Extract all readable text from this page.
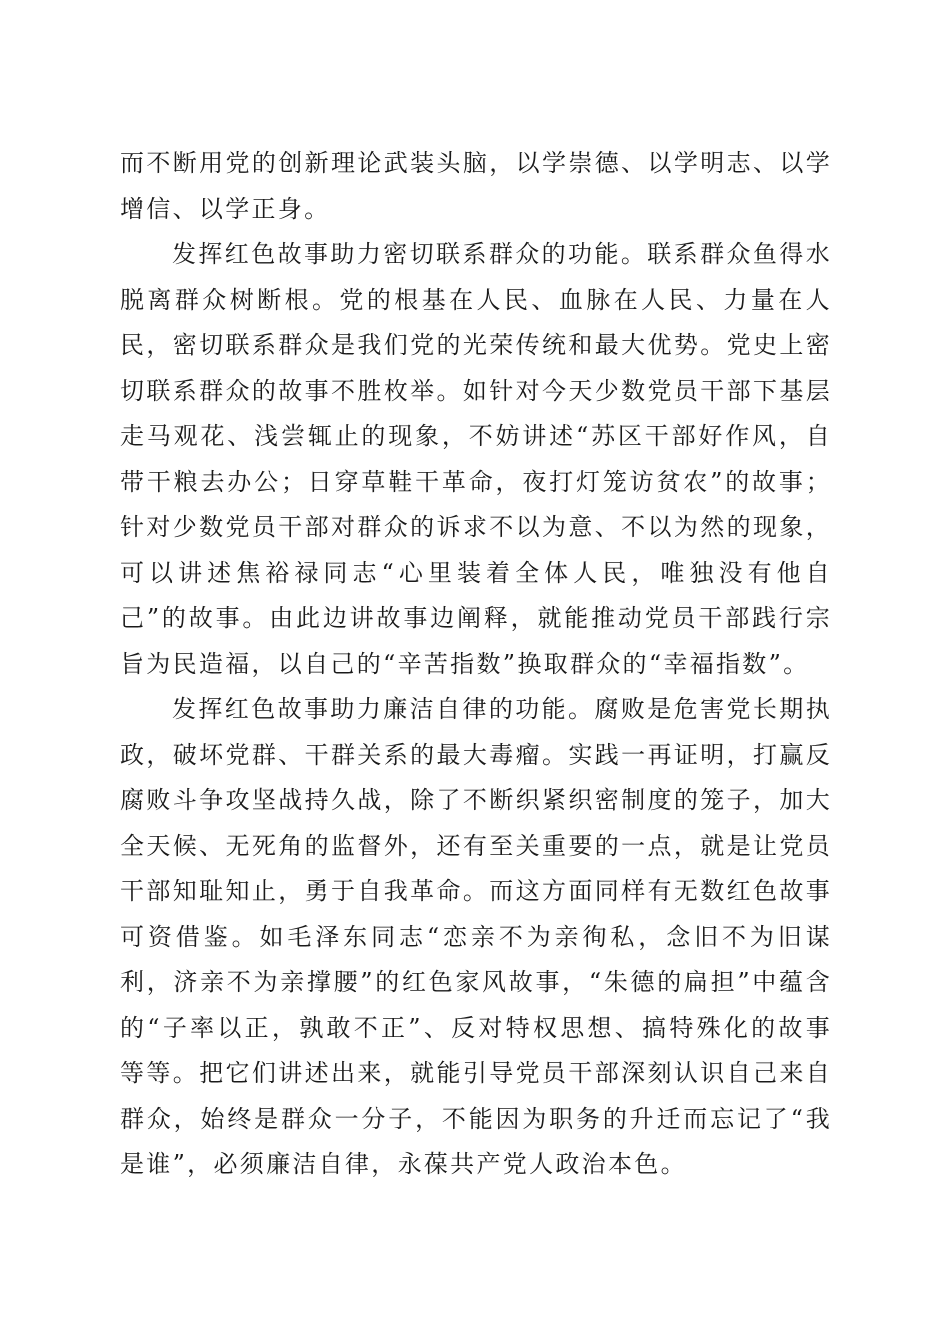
而不断用党的创新理论武装头脑，以学崇德、以学明志、以学增信、以学正身。

发挥红色故事助力密切联系群众的功能。联系群众鱼得水脱离群众树断根。党的根基在人民、血脉在人民、力量在人民，密切联系群众是我们党的光荣传统和最大优势。党史上密切联系群众的故事不胜枚举。如针对今天少数党员干部下基层走马观花、浅尝辄止的现象，不妨讲述“苏区干部好作风，自带干粮去办公；日穿草鞋干革命，夜打灯笼访贫农”的故事；针对少数党员干部对群众的诉求不以为意、不以为然的现象，可以讲述焦裕禄同志“心里装着全体人民，唯独没有他自己”的故事。由此边讲故事边阐释，就能推动党员干部践行宗旨为民造福，以自己的“辛苦指数”换取群众的“幸福指数”。

发挥红色故事助力廉洁自律的功能。腐败是危害党长期执政，破坏党群、干群关系的最大毒瘤。实践一再证明，打赢反腐败斗争攻坚战持久战，除了不断织紧织密制度的笼子，加大全天候、无死角的监督外，还有至关重要的一点，就是让党员干部知耻知止，勇于自我革命。而这方面同样有无数红色故事可资借鉴。如毛泽东同志“恋亲不为亲徇私，念旧不为旧谋利，济亲不为亲撑腰”的红色家风故事，“朱德的扁担”中蕴含的“子率以正，孰敢不正”、反对特权思想、搞特殊化的故事等等。把它们讲述出来，就能引导党员干部深刻认识自己来自群众，始终是群众一分子，不能因为职务的升迁而忘记了“我是谁”，必须廉洁自律，永葆共产党人政治本色。
